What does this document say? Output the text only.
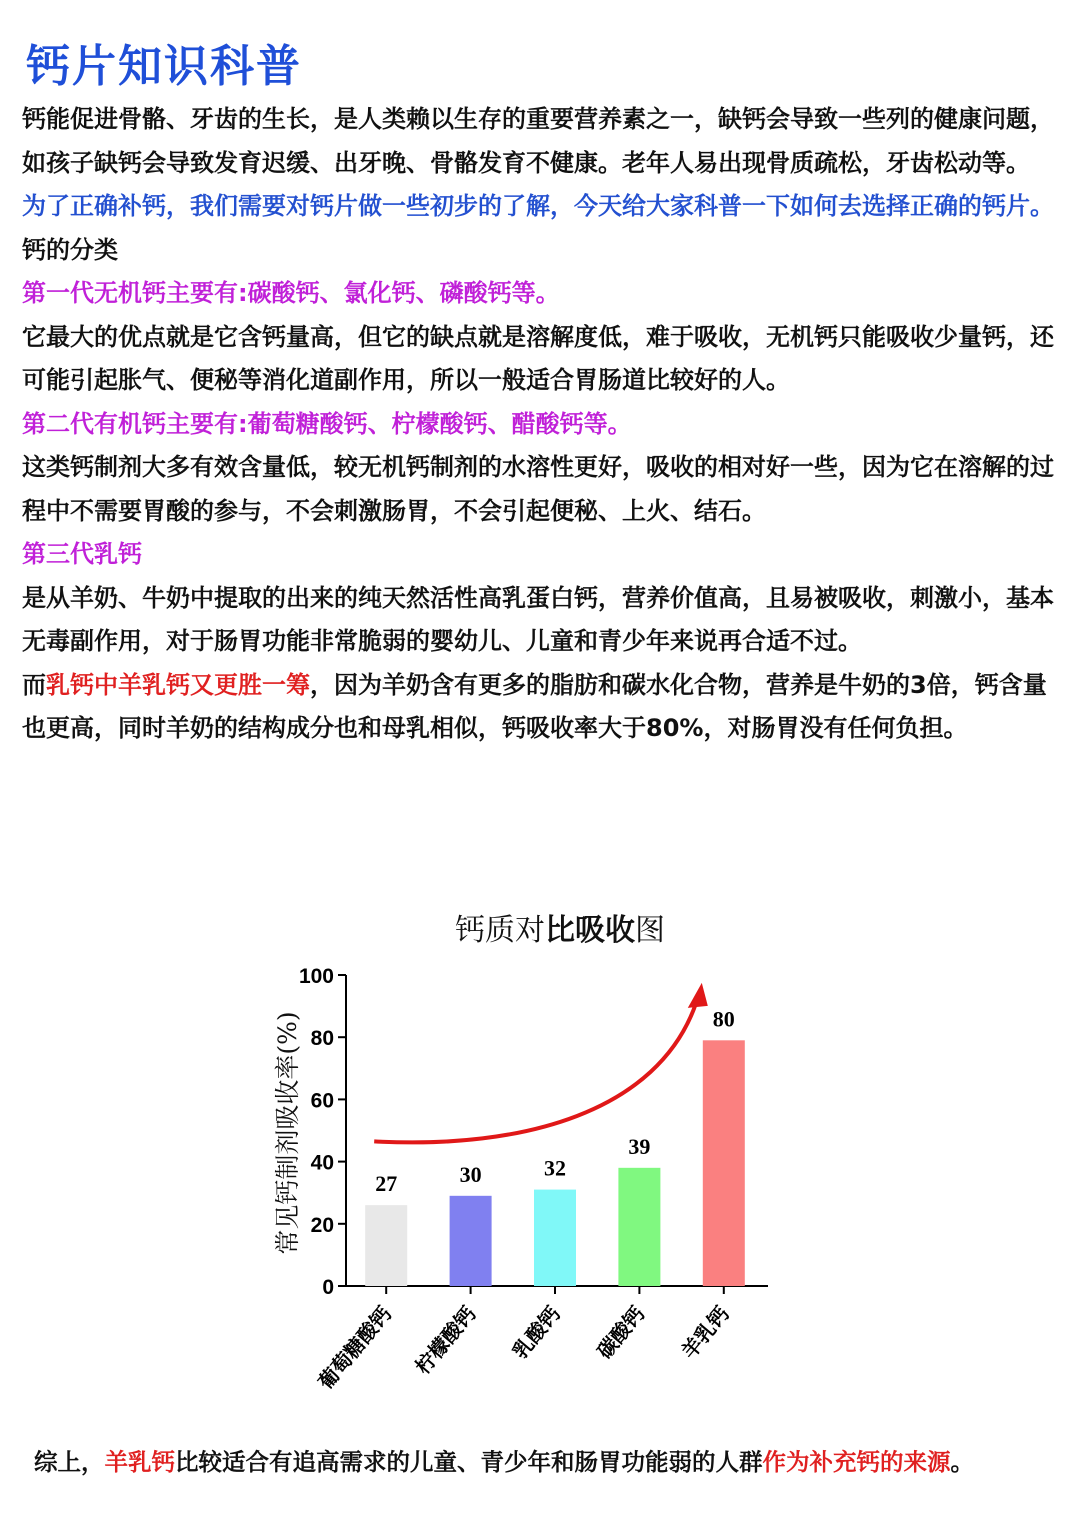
钙片知识科普

钙能促进骨骼、牙齿的生长，是人类赖以生存的重要营养素之一，缺钙会导致一些列的健康问题，如孩子缺钙会导致发育迟缓、出牙晚、骨骼发育不健康。老年人易出现骨质疏松，牙齿松动等。

为了正确补钙，我们需要对钙片做一些初步的了解，今天给大家科普一下如何去选择正确的钙片。

钙的分类

第一代无机钙主要有:碳酸钙、氯化钙、磷酸钙等。

它最大的优点就是它含钙量高，但它的缺点就是溶解度低，难于吸收，无机钙只能吸收少量钙，还可能引起胀气、便秘等消化道副作用，所以一般适合胃肠道比较好的人。

第二代有机钙主要有:葡萄糖酸钙、柠檬酸钙、醋酸钙等。

这类钙制剂大多有效含量低，较无机钙制剂的水溶性更好，吸收的相对好一些，因为它在溶解的过程中不需要胃酸的参与，不会刺激肠胃，不会引起便秘、上火、结石。

第三代乳钙

是从羊奶、牛奶中提取的出来的纯天然活性高乳蛋白钙，营养价值高，且易被吸收，刺激小，基本无毒副作用，对于肠胃功能非常脆弱的婴幼儿、儿童和青少年来说再合适不过。

而乳钙中羊乳钙又更胜一筹，因为羊奶含有更多的脂肪和碳水化合物，营养是牛奶的3倍，钙含量也更高，同时羊奶的结构成分也和母乳相似，钙吸收率大于80%，对肠胃没有任何负担。

钙质对比吸收图
常见钙制剂吸收率(%)
0
20
40
60
80
100
27
葡萄糖酸钙
30
柠檬酸钙
32
乳酸钙
39
碳酸钙
80
羊乳钙
综上，羊乳钙比较适合有追高需求的儿童、青少年和肠胃功能弱的人群作为补充钙的来源。
